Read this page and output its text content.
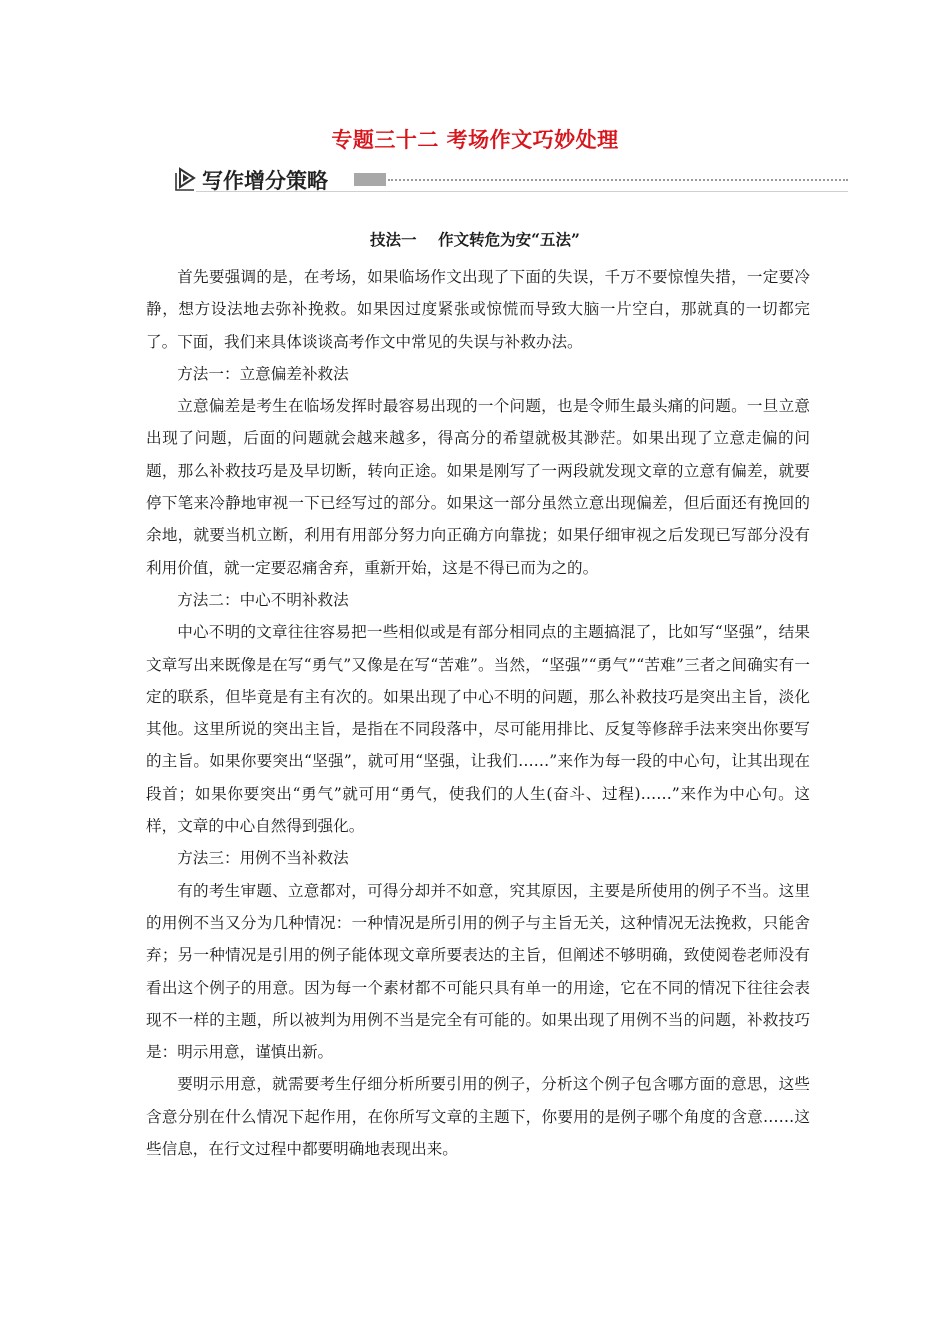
专题三十二 考场作文巧妙处理
写作增分策略
技法一    作文转危为安“五法”

首先要强调的是，在考场，如果临场作文出现了下面的失误，千万不要惊惶失措，一定要冷静，想方设法地去弥补挽救。如果因过度紧张或惊慌而导致大脑一片空白，那就真的一切都完了。下面，我们来具体谈谈高考作文中常见的失误与补救办法。

方法一：立意偏差补救法

立意偏差是考生在临场发挥时最容易出现的一个问题，也是令师生最头痛的问题。一旦立意出现了问题，后面的问题就会越来越多，得高分的希望就极其渺茫。如果出现了立意走偏的问题，那么补救技巧是及早切断，转向正途。如果是刚写了一两段就发现文章的立意有偏差，就要停下笔来冷静地审视一下已经写过的部分。如果这一部分虽然立意出现偏差，但后面还有挽回的余地，就要当机立断，利用有用部分努力向正确方向靠拢；如果仔细审视之后发现已写部分没有利用价值，就一定要忍痛舍弃，重新开始，这是不得已而为之的。

方法二：中心不明补救法

中心不明的文章往往容易把一些相似或是有部分相同点的主题搞混了，比如写“坚强”，结果文章写出来既像是在写“勇气”又像是在写“苦难”。当然，“坚强”“勇气”“苦难”三者之间确实有一定的联系，但毕竟是有主有次的。如果出现了中心不明的问题，那么补救技巧是突出主旨，淡化其他。这里所说的突出主旨，是指在不同段落中，尽可能用排比、反复等修辞手法来突出你要写的主旨。如果你要突出“坚强”，就可用“坚强，让我们……”来作为每一段的中心句，让其出现在段首；如果你要突出“勇气”就可用“勇气，使我们的人生(奋斗、过程)……”来作为中心句。这样，文章的中心自然得到强化。

方法三：用例不当补救法

有的考生审题、立意都对，可得分却并不如意，究其原因，主要是所使用的例子不当。这里的用例不当又分为几种情况：一种情况是所引用的例子与主旨无关，这种情况无法挽救，只能舍弃；另一种情况是引用的例子能体现文章所要表达的主旨，但阐述不够明确，致使阅卷老师没有看出这个例子的用意。因为每一个素材都不可能只具有单一的用途，它在不同的情况下往往会表现不一样的主题，所以被判为用例不当是完全有可能的。如果出现了用例不当的问题，补救技巧是：明示用意，谨慎出新。

要明示用意，就需要考生仔细分析所要引用的例子，分析这个例子包含哪方面的意思，这些含意分别在什么情况下起作用，在你所写文章的主题下，你要用的是例子哪个角度的含意……这些信息，在行文过程中都要明确地表现出来。
